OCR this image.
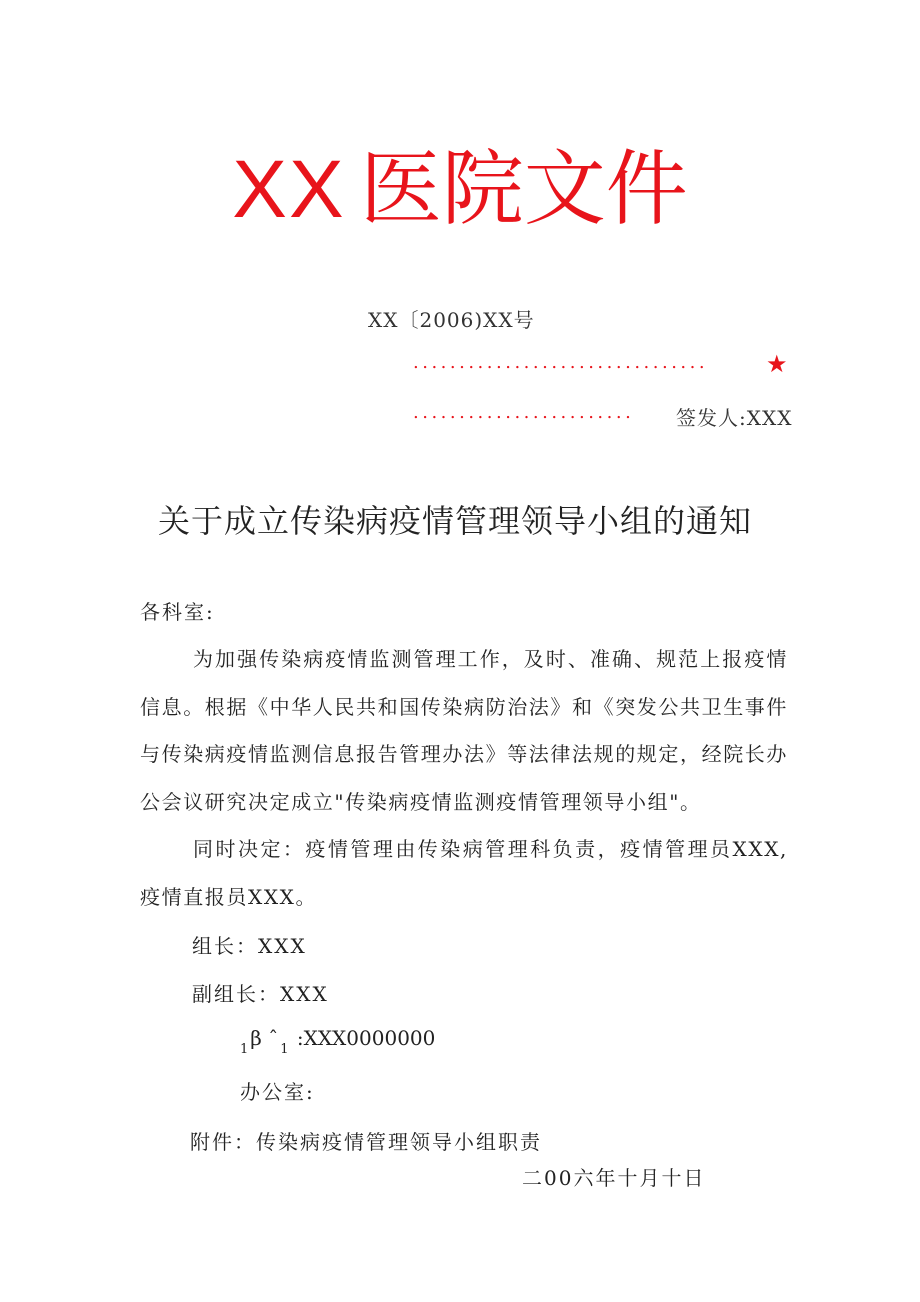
XX 医院文件
XX〔2006)XX号
................................	★
........................	签发人:XXX
关于成立传染病疫情管理领导小组的通知
各科室:
为加强传染病疫情监测管理工作，及时、准确、规范上报疫情信息。根据《中华人民共和国传染病防治法》和《突发公共卫生事件与传染病疫情监测信息报告管理办法》等法律法规的规定，经院长办公会议研究决定成立"传染病疫情监测疫情管理领导小组"。
同时决定：疫情管理由传染病管理科负责，疫情管理员XXX,疫情直报员XXX。
组长：XXX
副组长：XXX
$_1$ β ˆ $_1$ :XXX0000000
办公室:
附件：传染病疫情管理领导小组职责
二00六年十月十日
